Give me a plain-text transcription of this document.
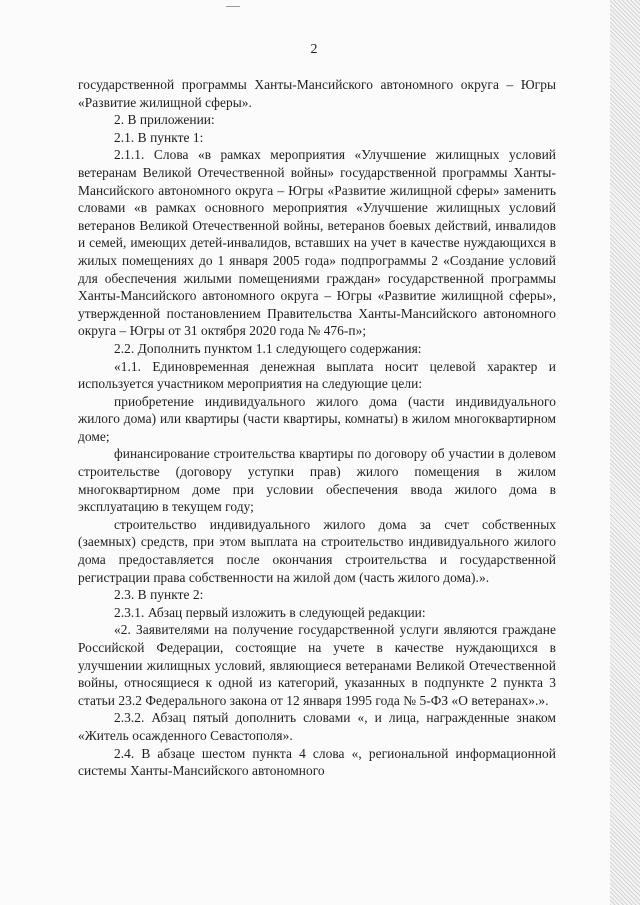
2

государственной программы Ханты-Мансийского автономного округа – Югры «Развитие жилищной сферы».

2. В приложении:

2.1. В пункте 1:

2.1.1. Слова «в рамках мероприятия «Улучшение жилищных условий ветеранам Великой Отечественной войны» государственной программы Ханты-Мансийского автономного округа – Югры «Развитие жилищной сферы» заменить словами «в рамках основного мероприятия «Улучшение жилищных условий ветеранов Великой Отечественной войны, ветеранов боевых действий, инвалидов и семей, имеющих детей-инвалидов, вставших на учет в качестве нуждающихся в жилых помещениях до 1 января 2005 года» подпрограммы 2 «Создание условий для обеспечения жилыми помещениями граждан» государственной программы Ханты-Мансийского автономного округа – Югры «Развитие жилищной сферы», утвержденной постановлением Правительства Ханты-Мансийского автономного округа – Югры от 31 октября 2020 года № 476-п»;

2.2. Дополнить пунктом 1.1 следующего содержания:

«1.1. Единовременная денежная выплата носит целевой характер и используется участником мероприятия на следующие цели:

приобретение индивидуального жилого дома (части индивидуального жилого дома) или квартиры (части квартиры, комнаты) в жилом многоквартирном доме;

финансирование строительства квартиры по договору об участии в долевом строительстве (договору уступки прав) жилого помещения в жилом многоквартирном доме при условии обеспечения ввода жилого дома в эксплуатацию в текущем году;

строительство индивидуального жилого дома за счет собственных (заемных) средств, при этом выплата на строительство индивидуального жилого дома предоставляется после окончания строительства и государственной регистрации права собственности на жилой дом (часть жилого дома).».

2.3. В пункте 2:

2.3.1. Абзац первый изложить в следующей редакции:

«2. Заявителями на получение государственной услуги являются граждане Российской Федерации, состоящие на учете в качестве нуждающихся в улучшении жилищных условий, являющиеся ветеранами Великой Отечественной войны, относящиеся к одной из категорий, указанных в подпункте 2 пункта 3 статьи 23.2 Федерального закона от 12 января 1995 года № 5-ФЗ «О ветеранах».».

2.3.2. Абзац пятый дополнить словами «, и лица, награжденные знаком «Житель осажденного Севастополя».

2.4. В абзаце шестом пункта 4 слова «, региональной информационной системы Ханты-Мансийского автономного
